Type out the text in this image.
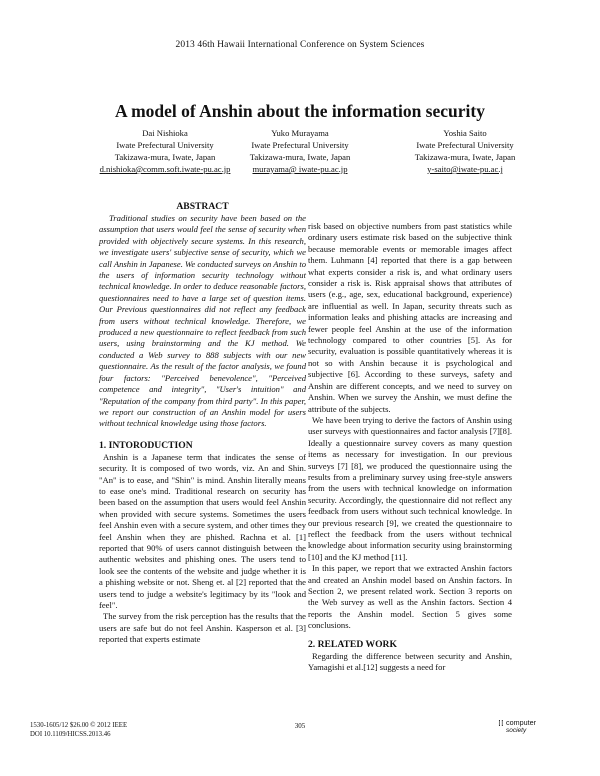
2013 46th Hawaii International Conference on System Sciences
A model of Anshin about the information security
Dai Nishioka
Iwate Prefectural University
Takizawa-mura, Iwate, Japan
d.nishioka@comm.soft.iwate-pu.ac.jp
Yuko Murayama
Iwate Prefectural University
Takizawa-mura, Iwate, Japan
murayama@ iwate-pu.ac.jp
Yoshia Saito
Iwate Prefectural University
Takizawa-mura, Iwate, Japan
y-saito@iwate-pu.ac.j
ABSTRACT
Traditional studies on security have been based on the assumption that users would feel the sense of security when provided with objectively secure systems. In this research, we investigate users' subjective sense of security, which we call Anshin in Japanese. We conducted surveys on Anshin to the users of information security technology without technical knowledge. In order to deduce reasonable factors, questionnaires need to have a large set of question items. Our Previous questionnaires did not reflect any feedback from users without technical knowledge. Therefore, we produced a new questionnaire to reflect feedback from such users, using brainstorming and the KJ method. We conducted a Web survey to 888 subjects with our new questionnaire. As the result of the factor analysis, we found four factors: "Perceived benevolence", "Perceived competence and integrity", "User's intuition" and "Reputation of the company from third party". In this paper, we report our construction of an Anshin model for users without technical knowledge using those factors.
1. INTORODUCTION
Anshin is a Japanese term that indicates the sense of security. It is composed of two words, viz. An and Shin. "An" is to ease, and "Shin" is mind. Anshin literally means to ease one's mind. Traditional research on security has been based on the assumption that users would feel Anshin when provided with secure systems. Sometimes the users feel Anshin even with a secure system, and other times they feel Anshin when they are phished. Rachna et al. [1] reported that 90% of users cannot distinguish between the authentic websites and phishing ones. The users tend to look see the contents of the website and judge whether it is a phishing website or not. Sheng et. al [2] reported that the users tend to judge a website's legitimacy by its "look and feel".
The survey from the risk perception has the results that the users are safe but do not feel Anshin. Kasperson et al. [3] reported that experts estimate
risk based on objective numbers from past statistics while ordinary users estimate risk based on the subjective think because memorable events or memorable images affect them. Luhmann [4] reported that there is a gap between what experts consider a risk is, and what ordinary users consider a risk is. Risk appraisal shows that attributes of users (e.g., age, sex, educational background, experience) are influential as well. In Japan, security threats such as information leaks and phishing attacks are increasing and fewer people feel Anshin at the use of the information technology compared to other countries [5]. As for security, evaluation is possible quantitatively whereas it is not so with Anshin because it is psychological and subjective [6]. According to these surveys, safety and Anshin are different concepts, and we need to survey on Anshin. When we survey the Anshin, we must define the attribute of the subjects.
We have been trying to derive the factors of Anshin using user surveys with questionnaires and factor analysis [7][8]. Ideally a questionnaire survey covers as many question items as necessary for investigation. In our previous surveys [7] [8], we produced the questionnaire using the results from a preliminary survey using free-style answers from the users with technical knowledge on information security. Accordingly, the questionnaire did not reflect any feedback from users without such technical knowledge. In our previous research [9], we created the questionnaire to reflect the feedback from the users without technical knowledge about information security using brainstorming [10] and the KJ method [11].
In this paper, we report that we extracted Anshin factors and created an Anshin model based on Anshin factors. In Section 2, we present related work. Section 3 reports on the Web survey as well as the Anshin factors. Section 4 reports the Anshin model. Section 5 gives some conclusions.
2. RELATED WORK
Regarding the difference between security and Anshin, Yamagishi et al.[12] suggests a need for
1530-1605/12 $26.00 © 2012 IEEE
DOI 10.1109/HICSS.2013.46
305	⁞⁞ computer
society
